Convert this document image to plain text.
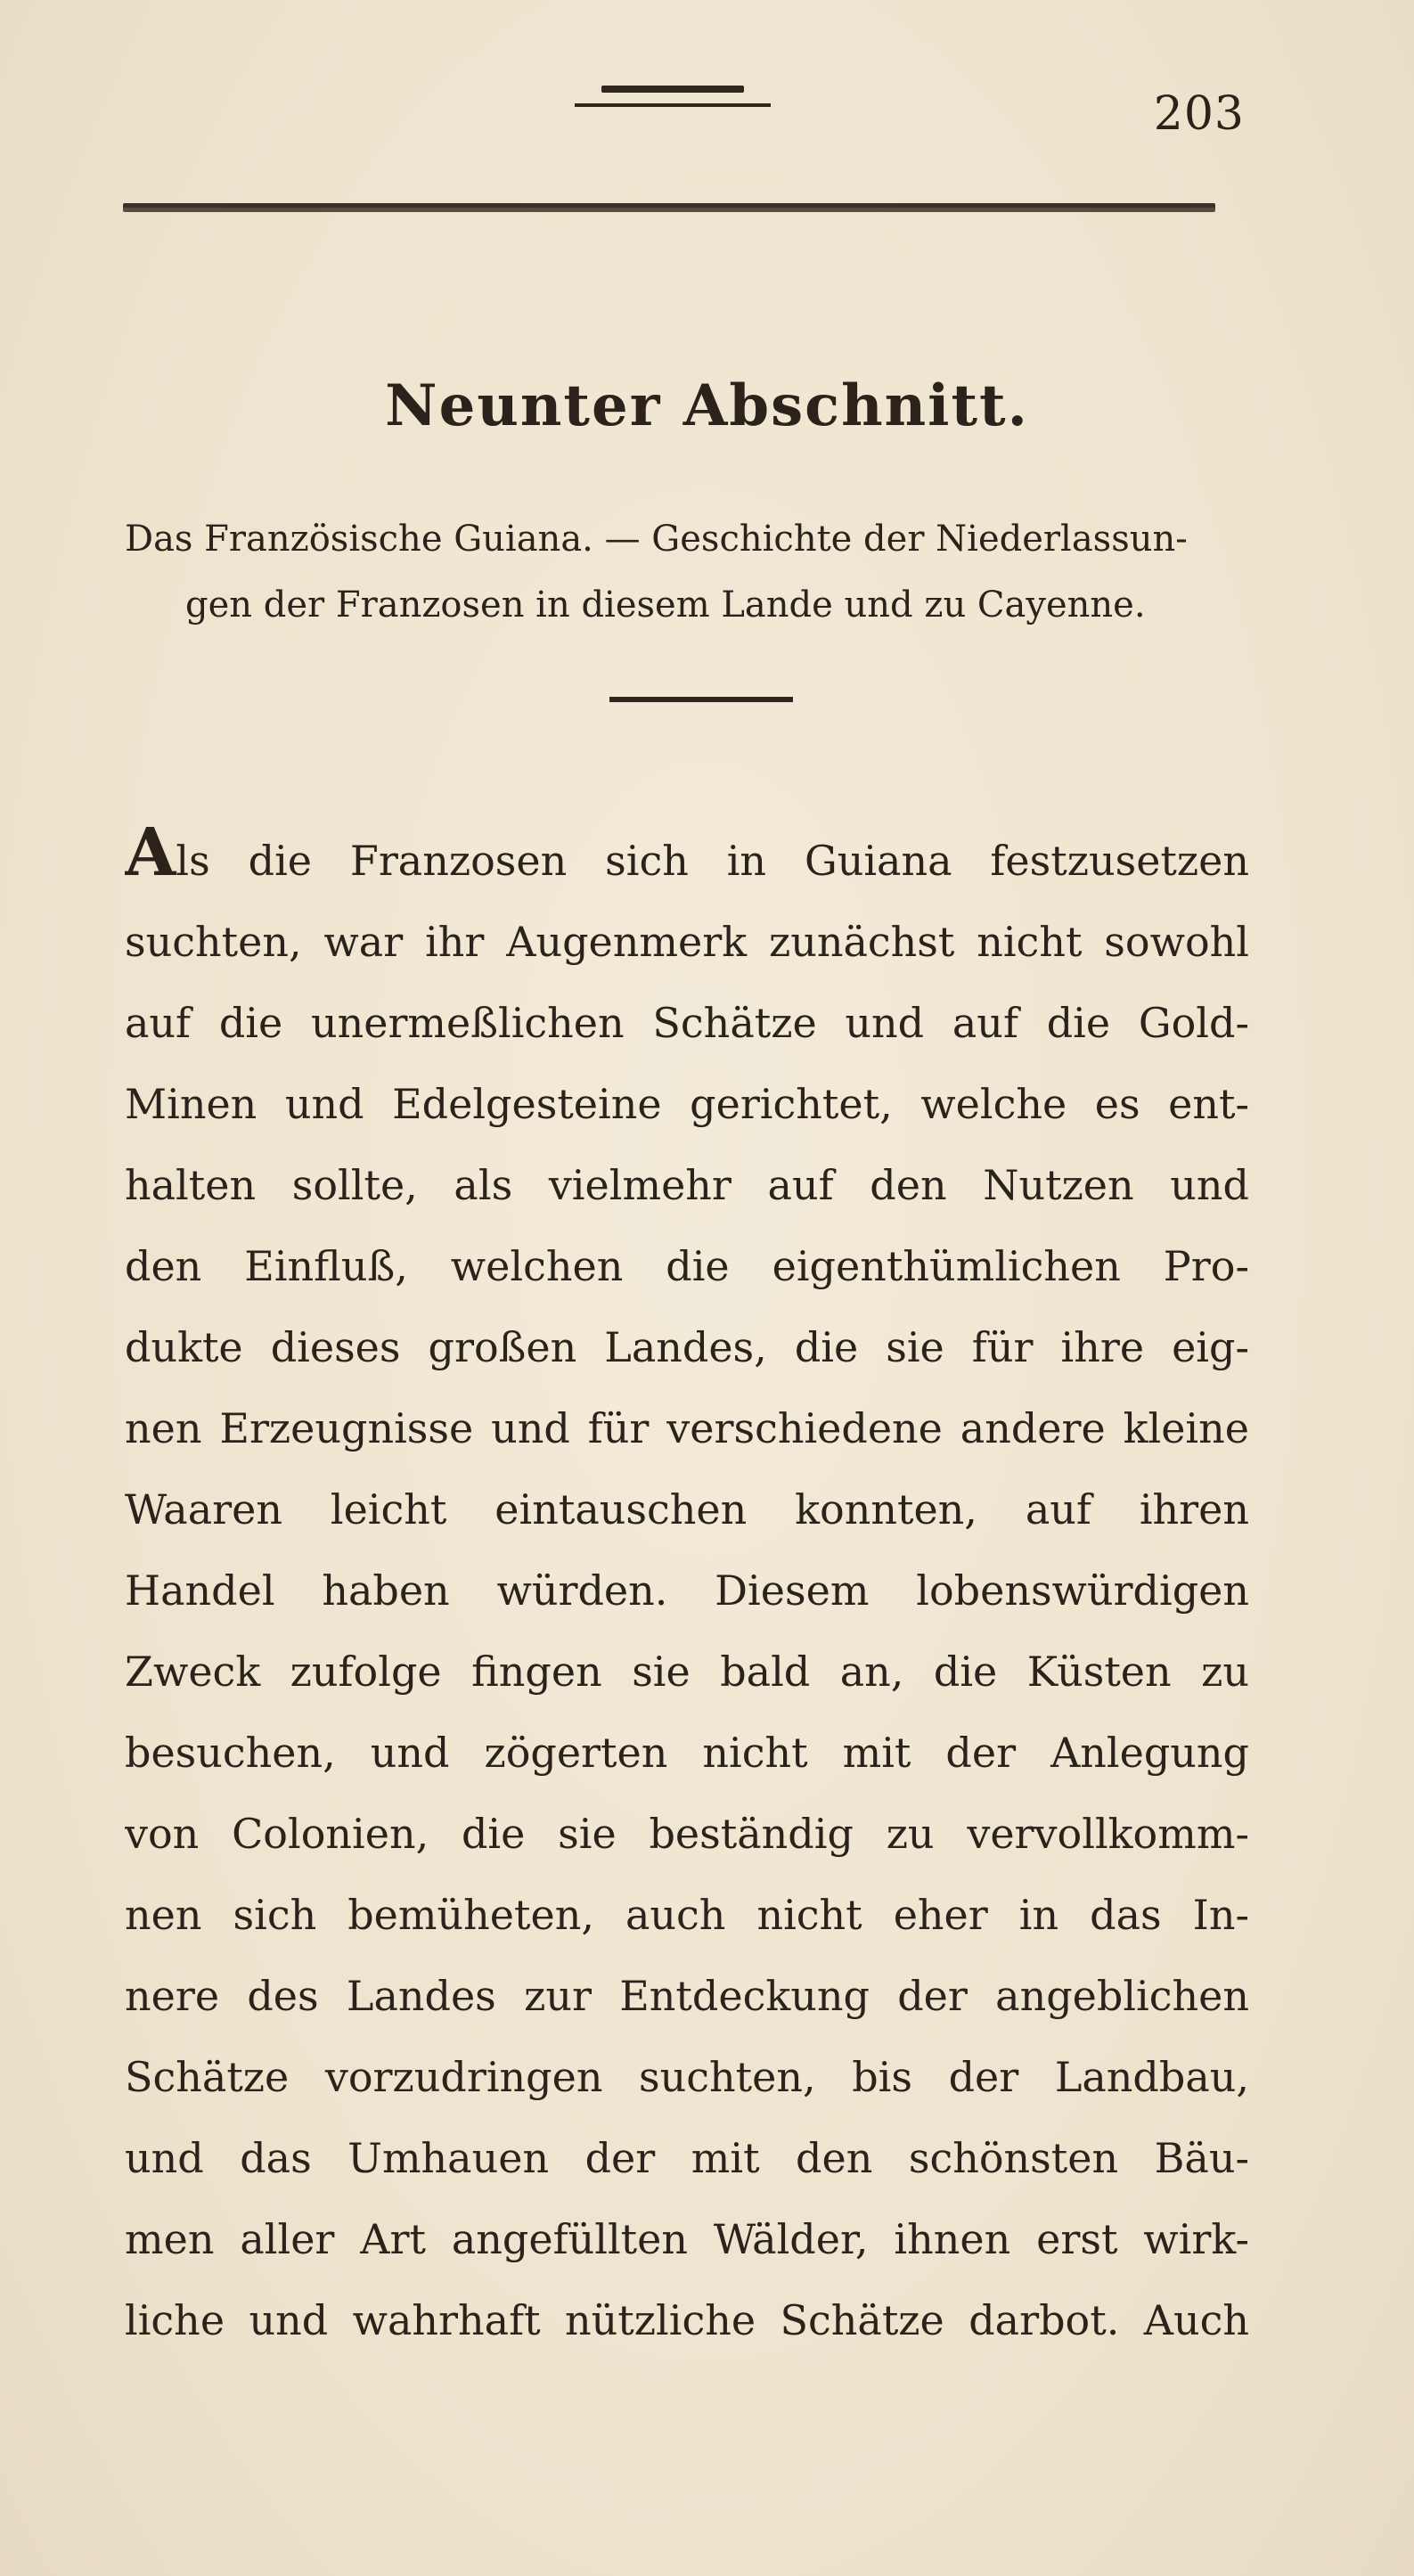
203
Neunter Abschnitt.
Das Französische Guiana. — Geschichte der Niederlassun-
gen der Franzosen in diesem Lande und zu Cayenne.
Als die Franzosen sich in Guiana festzusetzen
suchten, war ihr Augenmerk zunächst nicht sowohl
auf die unermeßlichen Schätze und auf die Gold-
Minen und Edelgesteine gerichtet, welche es ent-
halten sollte, als vielmehr auf den Nutzen und
den Einfluß, welchen die eigenthümlichen Pro-
dukte dieses großen Landes, die sie für ihre eig-
nen Erzeugnisse und für verschiedene andere kleine
Waaren leicht eintauschen konnten, auf ihren
Handel haben würden. Diesem lobenswürdigen
Zweck zufolge fingen sie bald an, die Küsten zu
besuchen, und zögerten nicht mit der Anlegung
von Colonien, die sie beständig zu vervollkomm-
nen sich bemüheten, auch nicht eher in das In-
nere des Landes zur Entdeckung der angeblichen
Schätze vorzudringen suchten, bis der Landbau,
und das Umhauen der mit den schönsten Bäu-
men aller Art angefüllten Wälder, ihnen erst wirk-
liche und wahrhaft nützliche Schätze darbot. Auch
